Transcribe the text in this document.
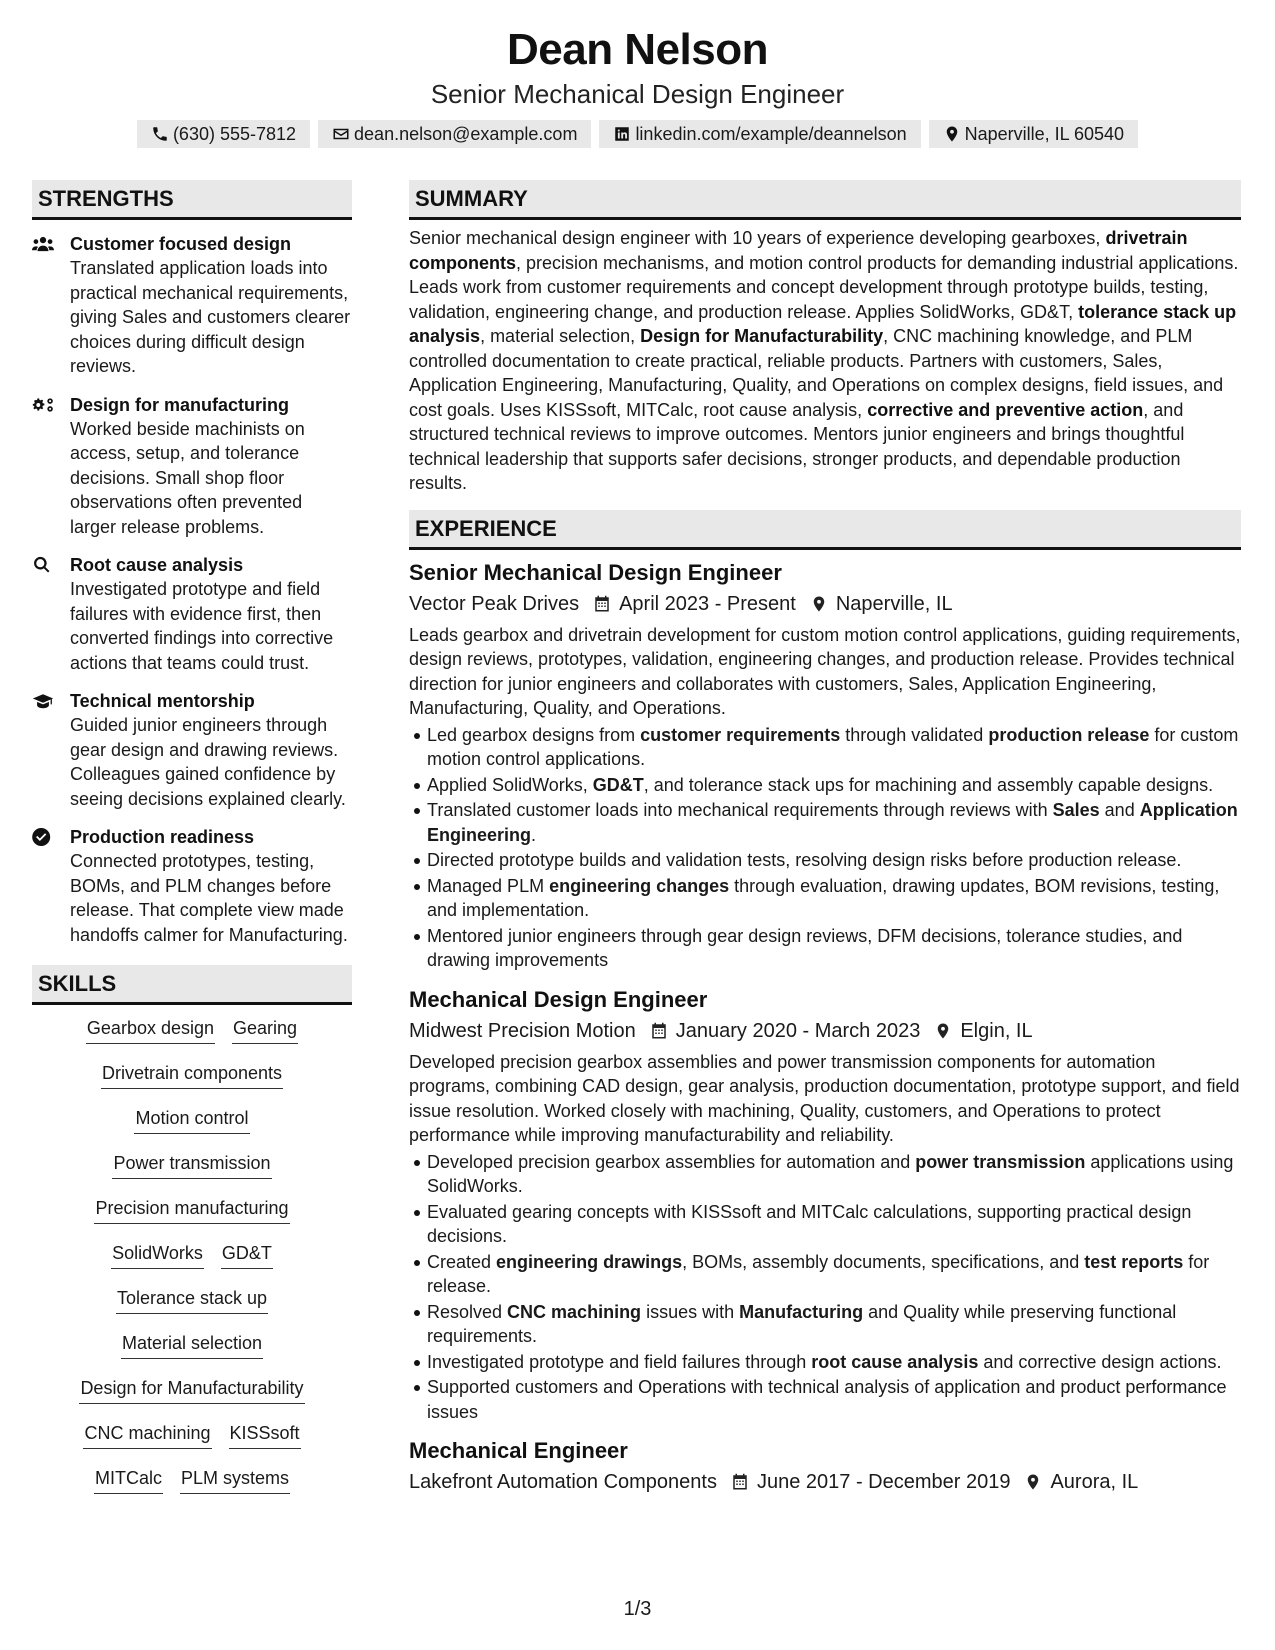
Dean Nelson
Senior Mechanical Design Engineer
(630) 555-7812	dean.nelson@example.com	linkedin.com/example/deannelson	Naperville, IL 60540
STRENGTHS
Customer focused design
Translated application loads into practical mechanical requirements, giving Sales and customers clearer choices during difficult design reviews.
Design for manufacturing
Worked beside machinists on access, setup, and tolerance decisions. Small shop floor observations often prevented larger release problems.
Root cause analysis
Investigated prototype and field failures with evidence first, then converted findings into corrective actions that teams could trust.
Technical mentorship
Guided junior engineers through gear design and drawing reviews. Colleagues gained confidence by seeing decisions explained clearly.
Production readiness
Connected prototypes, testing, BOMs, and PLM changes before release. That complete view made handoffs calmer for Manufacturing.
SKILLS
Gearbox design Gearing
Drivetrain components
Motion control
Power transmission
Precision manufacturing
SolidWorks GD&T
Tolerance stack up
Material selection
Design for Manufacturability
CNC machining KISSsoft
MITCalc PLM systems
SUMMARY
Senior mechanical design engineer with 10 years of experience developing gearboxes, drivetrain components, precision mechanisms, and motion control products for demanding industrial applications. Leads work from customer requirements and concept development through prototype builds, testing, validation, engineering change, and production release. Applies SolidWorks, GD&T, tolerance stack up analysis, material selection, Design for Manufacturability, CNC machining knowledge, and PLM controlled documentation to create practical, reliable products. Partners with customers, Sales, Application Engineering, Manufacturing, Quality, and Operations on complex designs, field issues, and cost goals. Uses KISSsoft, MITCalc, root cause analysis, corrective and preventive action, and structured technical reviews to improve outcomes. Mentors junior engineers and brings thoughtful technical leadership that supports safer decisions, stronger products, and dependable production results.
EXPERIENCE
Senior Mechanical Design Engineer
Vector Peak Drives April 2023 - Present Naperville, IL
Leads gearbox and drivetrain development for custom motion control applications, guiding requirements, design reviews, prototypes, validation, engineering changes, and production release. Provides technical direction for junior engineers and collaborates with customers, Sales, Application Engineering, Manufacturing, Quality, and Operations.
Led gearbox designs from customer requirements through validated production release for custom motion control applications.
Applied SolidWorks, GD&T, and tolerance stack ups for machining and assembly capable designs.
Translated customer loads into mechanical requirements through reviews with Sales and Application Engineering.
Directed prototype builds and validation tests, resolving design risks before production release.
Managed PLM engineering changes through evaluation, drawing updates, BOM revisions, testing, and implementation.
Mentored junior engineers through gear design reviews, DFM decisions, tolerance studies, and drawing improvements
Mechanical Design Engineer
Midwest Precision Motion January 2020 - March 2023 Elgin, IL
Developed precision gearbox assemblies and power transmission components for automation programs, combining CAD design, gear analysis, production documentation, prototype support, and field issue resolution. Worked closely with machining, Quality, customers, and Operations to protect performance while improving manufacturability and reliability.
Developed precision gearbox assemblies for automation and power transmission applications using SolidWorks.
Evaluated gearing concepts with KISSsoft and MITCalc calculations, supporting practical design decisions.
Created engineering drawings, BOMs, assembly documents, specifications, and test reports for release.
Resolved CNC machining issues with Manufacturing and Quality while preserving functional requirements.
Investigated prototype and field failures through root cause analysis and corrective design actions.
Supported customers and Operations with technical analysis of application and product performance issues
Mechanical Engineer
Lakefront Automation Components June 2017 - December 2019 Aurora, IL
1/3
